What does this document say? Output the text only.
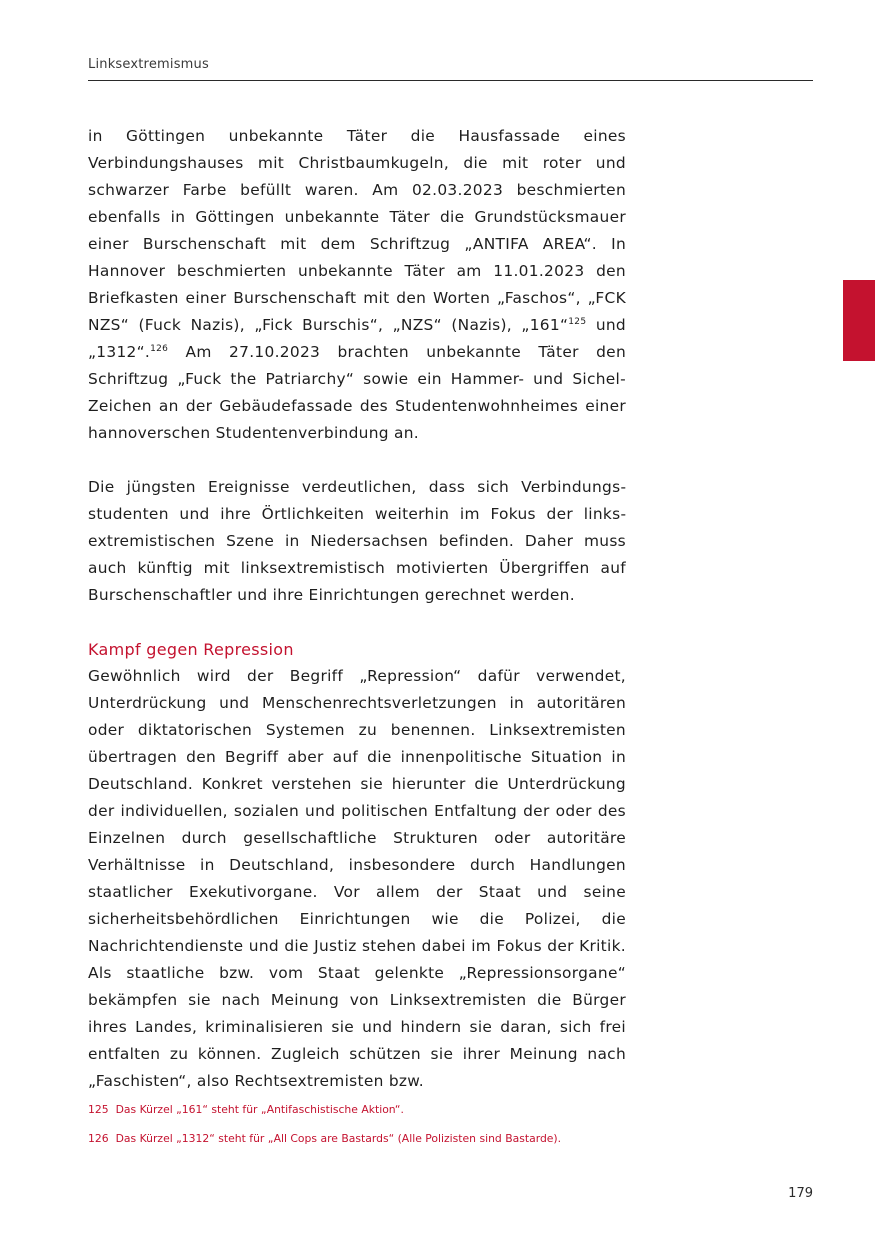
Linksextremismus

in Göttingen unbekannte Täter die Hausfassade eines Verbindungshauses mit Christbaumkugeln, die mit roter und schwarzer Farbe befüllt waren. Am 02.03.2023 beschmierten ebenfalls in Göttingen unbekannte Täter die Grundstücksmauer einer Burschenschaft mit dem Schriftzug „ANTIFA AREA“. In Hannover beschmierten unbekannte Täter am 11.01.2023 den Briefkasten einer Burschenschaft mit den Worten „Faschos“, „FCK NZS“ (Fuck Nazis), „Fick Burschis“, „NZS“ (Nazis), „161“$^{125}$ und „1312“.$^{126}$ Am 27.10.2023 brachten unbekannte Täter den Schriftzug „Fuck the Patriarchy“ sowie ein Hammer- und Sichel-Zeichen an der Gebäudefassade des Studentenwohnheimes einer hannoverschen Studentenverbindung an.

Die jüngsten Ereignisse verdeutlichen, dass sich Verbindungsstudenten und ihre Örtlichkeiten weiterhin im Fokus der linksextremistischen Szene in Niedersachsen befinden. Daher muss auch künftig mit linksextremistisch motivierten Übergriffen auf Burschenschaftler und ihre Einrichtungen gerechnet werden.

Kampf gegen Repression

Gewöhnlich wird der Begriff „Repression“ dafür verwendet, Unterdrückung und Menschenrechtsverletzungen in autoritären oder diktatorischen Systemen zu benennen. Linksextremisten übertragen den Begriff aber auf die innenpolitische Situation in Deutschland. Konkret verstehen sie hierunter die Unterdrückung der individuellen, sozialen und politischen Entfaltung der oder des Einzelnen durch gesellschaftliche Strukturen oder autoritäre Verhältnisse in Deutschland, insbesondere durch Handlungen staatlicher Exekutivorgane. Vor allem der Staat und seine sicherheitsbehördlichen Einrichtungen wie die Polizei, die Nachrichtendienste und die Justiz stehen dabei im Fokus der Kritik. Als staatliche bzw. vom Staat gelenkte „Repressionsorgane“ bekämpfen sie nach Meinung von Linksextremisten die Bürger ihres Landes, kriminalisieren sie und hindern sie daran, sich frei entfalten zu können. Zugleich schützen sie ihrer Meinung nach „Faschisten“, also Rechtsextremisten bzw.

125 Das Kürzel „161“ steht für „Antifaschistische Aktion“.
126 Das Kürzel „1312“ steht für „All Cops are Bastards“ (Alle Polizisten sind Bastarde).
179
